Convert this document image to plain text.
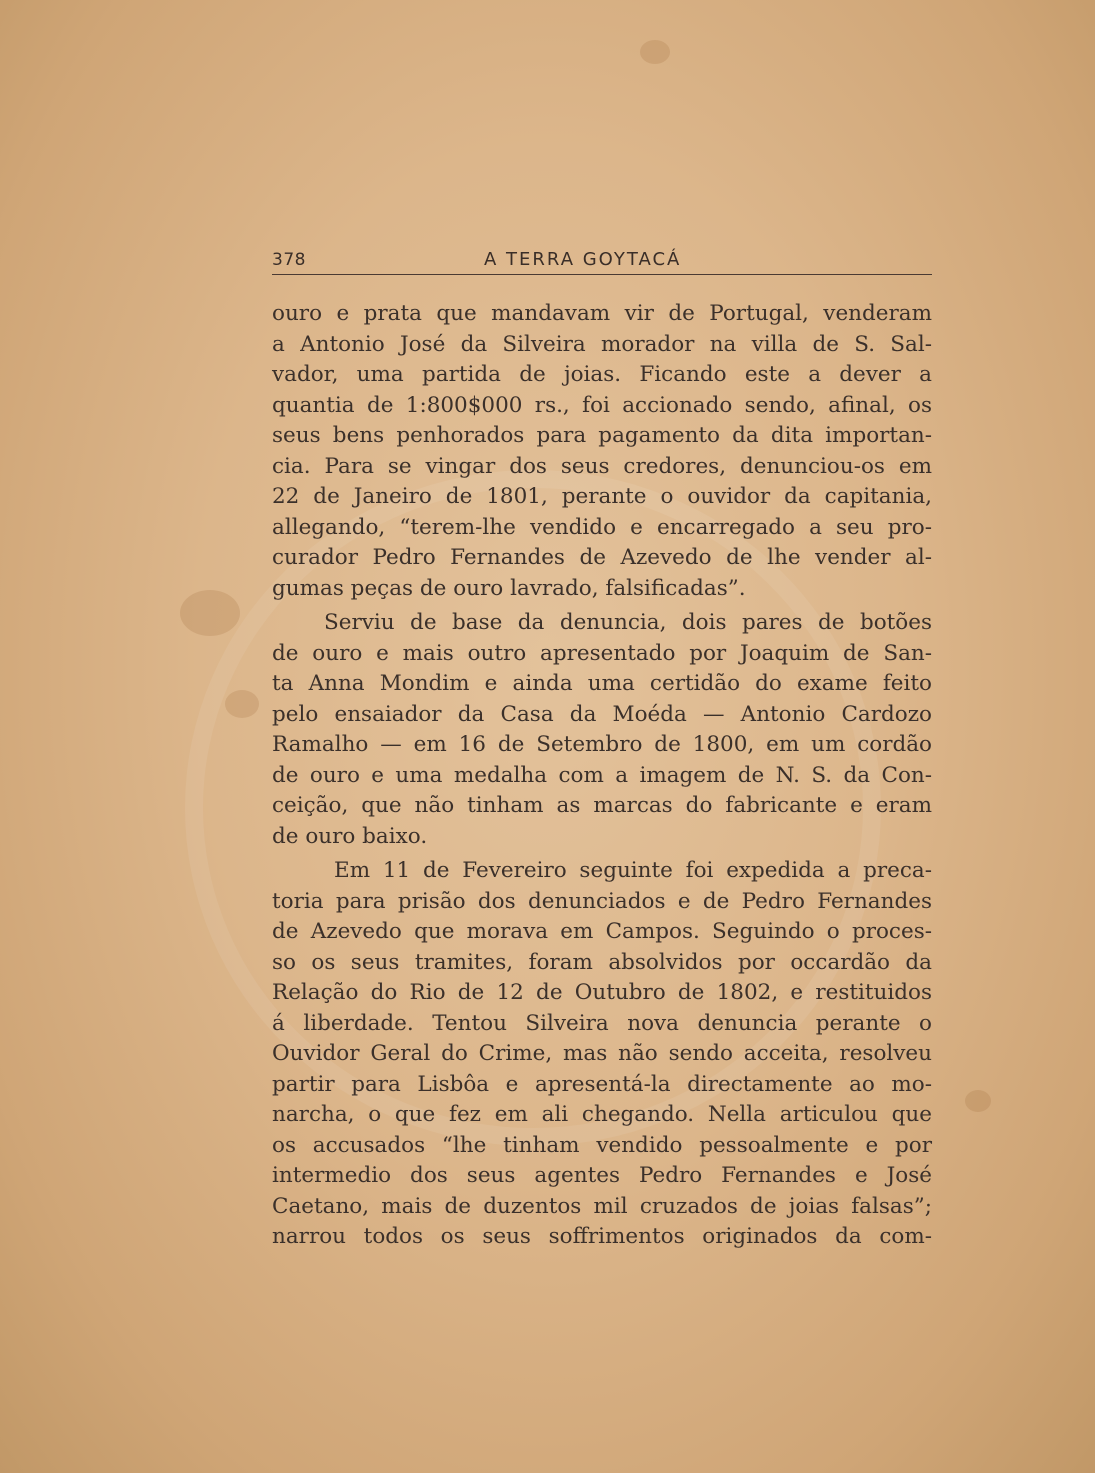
378	A TERRA GOYTACÁ
ouro e prata que mandavam vir de Portugal, venderam
a Antonio José da Silveira morador na villa de S. Sal-
vador, uma partida de joias. Ficando este a dever a
quantia de 1:800$000 rs., foi accionado sendo, afinal, os
seus bens penhorados para pagamento da dita importan-
cia. Para se vingar dos seus credores, denunciou-os em
22 de Janeiro de 1801, perante o ouvidor da capitania,
allegando, “terem-lhe vendido e encarregado a seu pro-
curador Pedro Fernandes de Azevedo de lhe vender al-
gumas peças de ouro lavrado, falsificadas”.
Serviu de base da denuncia, dois pares de botões
de ouro e mais outro apresentado por Joaquim de San-
ta Anna Mondim e ainda uma certidão do exame feito
pelo ensaiador da Casa da Moéda — Antonio Cardozo
Ramalho — em 16 de Setembro de 1800, em um cordão
de ouro e uma medalha com a imagem de N. S. da Con-
ceição, que não tinham as marcas do fabricante e eram
de ouro baixo.
Em 11 de Fevereiro seguinte foi expedida a preca-
toria para prisão dos denunciados e de Pedro Fernandes
de Azevedo que morava em Campos. Seguindo o proces-
so os seus tramites, foram absolvidos por occardão da
Relação do Rio de 12 de Outubro de 1802, e restituidos
á liberdade. Tentou Silveira nova denuncia perante o
Ouvidor Geral do Crime, mas não sendo acceita, resolveu
partir para Lisbôa e apresentá-la directamente ao mo-
narcha, o que fez em ali chegando. Nella articulou que
os accusados “lhe tinham vendido pessoalmente e por
intermedio dos seus agentes Pedro Fernandes e José
Caetano, mais de duzentos mil cruzados de joias falsas”;
narrou todos os seus soffrimentos originados da com-
